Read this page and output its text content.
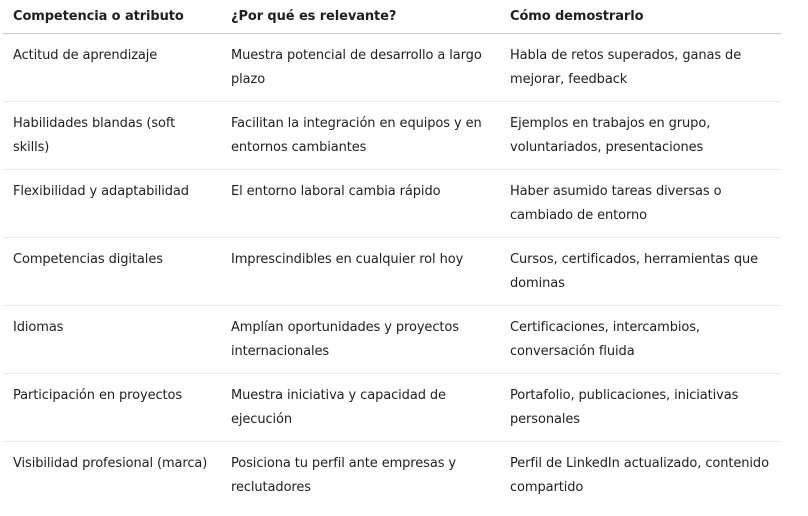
Competencia o atributo	¿Por qué es relevante?	Cómo demostrarlo
Actitud de aprendizaje	Muestra potencial de desarrollo a largo plazo	Habla de retos superados, ganas de mejorar, feedback
Habilidades blandas (soft skills)	Facilitan la integración en equipos y en entornos cambiantes	Ejemplos en trabajos en grupo, voluntariados, presentaciones
Flexibilidad y adaptabilidad	El entorno laboral cambia rápido	Haber asumido tareas diversas o cambiado de entorno
Competencias digitales	Imprescindibles en cualquier rol hoy	Cursos, certificados, herramientas que dominas
Idiomas	Amplían oportunidades y proyectos internacionales	Certificaciones, intercambios, conversación fluida
Participación en proyectos	Muestra iniciativa y capacidad de ejecución	Portafolio, publicaciones, iniciativas personales
Visibilidad profesional (marca)	Posiciona tu perfil ante empresas y reclutadores	Perfil de LinkedIn actualizado, contenido compartido
